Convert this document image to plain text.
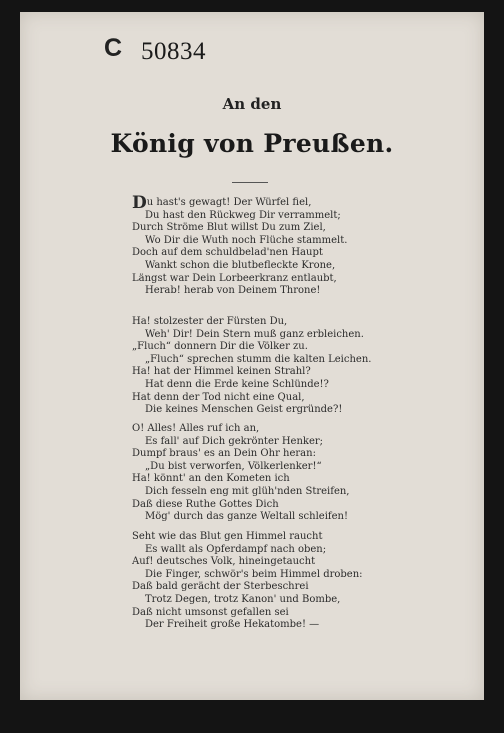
C 50834
An den
König von Preußen.
Du hast's gewagt! Der Würfel fiel,
Du hast den Rückweg Dir verrammelt;
Durch Ströme Blut willst Du zum Ziel,
Wo Dir die Wuth noch Flüche stammelt.
Doch auf dem schuldbelad'nen Haupt
Wankt schon die blutbefleckte Krone,
Längst war Dein Lorbeerkranz entlaubt,
Herab! herab von Deinem Throne!
Ha! stolzester der Fürsten Du,
Weh' Dir! Dein Stern muß ganz erbleichen.
„Fluch“ donnern Dir die Völker zu.
„Fluch“ sprechen stumm die kalten Leichen.
Ha! hat der Himmel keinen Strahl?
Hat denn die Erde keine Schlünde!?
Hat denn der Tod nicht eine Qual,
Die keines Menschen Geist ergründe?!
O! Alles! Alles ruf ich an,
Es fall' auf Dich gekrönter Henker;
Dumpf braus' es an Dein Ohr heran:
„Du bist verworfen, Völkerlenker!“
Ha! könnt' an den Kometen ich
Dich fesseln eng mit glüh'nden Streifen,
Daß diese Ruthe Gottes Dich
Mög' durch das ganze Weltall schleifen!
Seht wie das Blut gen Himmel raucht
Es wallt als Opferdampf nach oben;
Auf! deutsches Volk, hineingetaucht
Die Finger, schwör's beim Himmel droben:
Daß bald gerächt der Sterbeschrei
Trotz Degen, trotz Kanon' und Bombe,
Daß nicht umsonst gefallen sei
Der Freiheit große Hekatombe! —
